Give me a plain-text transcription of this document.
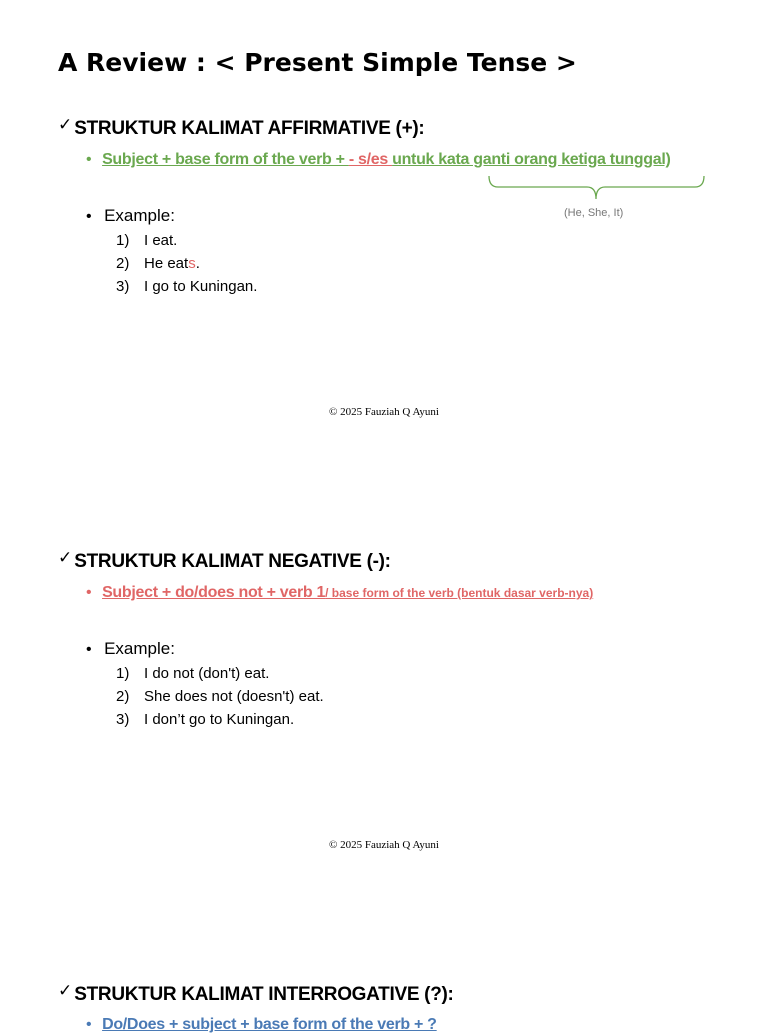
A Review : < Present Simple Tense >
✓ STRUKTUR KALIMAT AFFIRMATIVE (+):
• Subject + base form of the verb + - s/es untuk kata ganti orang ketiga tunggal)
(He, She, It)
• Example:
1) I eat.
2) He eats.
3) I go to Kuningan.
© 2025 Fauziah Q Ayuni
✓ STRUKTUR KALIMAT NEGATIVE (-):
• Subject + do/does not + verb 1/ base form of the verb (bentuk dasar verb-nya)
• Example:
1) I do not (don't) eat.
2) She does not (doesn't) eat.
3) I don’t go to Kuningan.
© 2025 Fauziah Q Ayuni
✓ STRUKTUR KALIMAT INTERROGATIVE (?):
• Do/Does + subject + base form of the verb + ?
